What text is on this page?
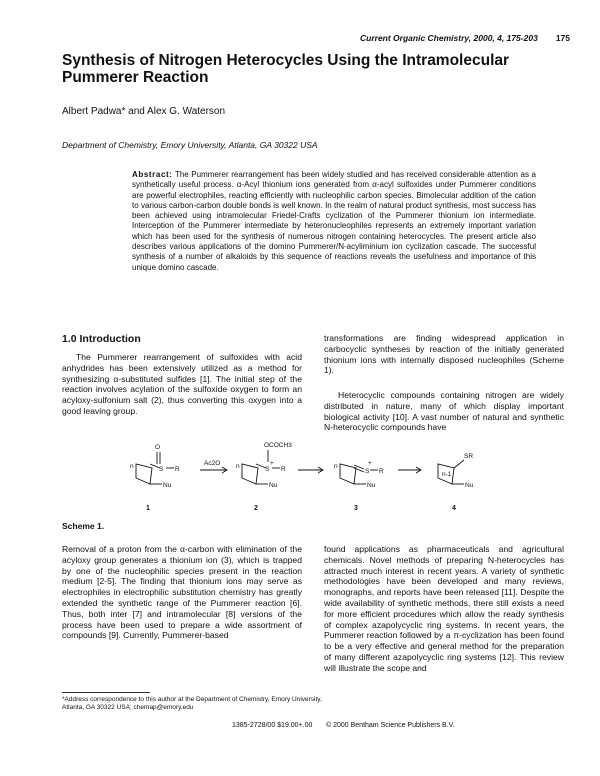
Current Organic Chemistry, 2000, 4, 175-203 175
Synthesis of Nitrogen Heterocycles Using the Intramolecular Pummerer Reaction
Albert Padwa* and Alex G. Waterson
Department of Chemistry, Emory University, Atlanta, GA 30322 USA

Abstract: The Pummerer rearrangement has been widely studied and has received considerable attention as a synthetically useful process. α-Acyl thionium ions generated from α-acyl sulfoxides under Pummerer conditions are powerful electrophiles, reacting efficiently with nucleophilic carbon species. Bimolecular addition of the cation to various carbon-carbon double bonds is well known. In the realm of natural product synthesis, most success has been achieved using intramolecular Friedel-Crafts cyclization of the Pummerer thionium ion intermediate. Interception of the Pummerer intermediate by heteronucleophiles represents an extremely important variation which has been used for the synthesis of numerous nitrogen containing heterocycles. The present article also describes various applications of the domino Pummerer/N-acyliminium ion cyclization cascade. The successful synthesis of a number of alkaloids by this sequence of reactions reveals the usefulness and importance of this unique domino cascade.

1.0 Introduction

The Pummerer rearrangement of sulfoxides with acid anhydrides has been extensively utilized as a method for synthesizing α-substituted sulfides [1]. The initial step of the reaction involves acylation of the sulfoxide oxygen to form an acyloxy-sulfonium salt (2), thus converting this oxygen into a good leaving group.

transformations are finding widespread application in carbocyclic syntheses by reaction of the initially generated thionium ions with internally disposed nucleophiles (Scheme 1).

Heterocyclic compounds containing nitrogen are widely distributed in nature, many of which display important biological activity [10]. A vast number of natural and synthetic N-heterocyclic compounds have

n
O
S R
Nu
Ac2O n
OCOCH3
S
+
R
Nu
n
S
+
R
Nu
n-1
SR
Nu
1	2	3	4
Scheme 1.

Removal of a proton from the α-carbon with elimination of the acyloxy group generates a thionium ion (3), which is trapped by one of the nucleophilic species present in the reaction medium [2-5]. The finding that thionium ions may serve as electrophiles in electrophilic substitution chemistry has greatly extended the synthetic range of the Pummerer reaction [6]. Thus, both inter [7] and intramolecular [8] versions of the process have been used to prepare a wide assortment of compounds [9]. Currently, Pummerer-based

found applications as pharmaceuticals and agricultural chemicals. Novel methods of preparing N-heterocycles has attracted much interest in recent years. A variety of synthetic methodologies have been developed and many reviews, monographs, and reports have been released [11]. Despite the wide availability of synthetic methods, there still exists a need for more efficient procedures which allow the ready synthesis of complex azapolycyclic ring systems. In recent years, the Pummerer reaction followed by a π-cyclization has been found to be a very effective and general method for the preparation of many different azapolycyclic ring systems [12]. This review will illustrate the scope and

*Address correspondence to this author at the Department of Chemistry, Emory University, Atlanta, GA 30322 USA; chemap@emory.edu

1385-2728/00 $19.00+.00 © 2000 Bentham Science Publishers B.V.
